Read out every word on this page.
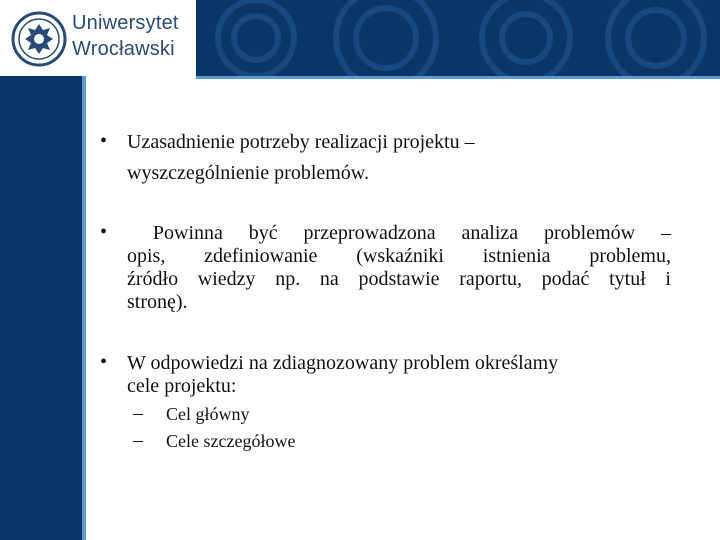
Uniwersytet
Wrocławski
• Uzasadnienie potrzeby realizacji projektu –
wyszczególnienie problemów.
• Powinna być przeprowadzona analiza problemów –
opis, zdefiniowanie (wskaźniki istnienia problemu,
źródło wiedzy np. na podstawie raportu, podać tytuł i
stronę).
• W odpowiedzi na zdiagnozowany problem określamy
cele projektu:
– Cel główny
– Cele szczegółowe
